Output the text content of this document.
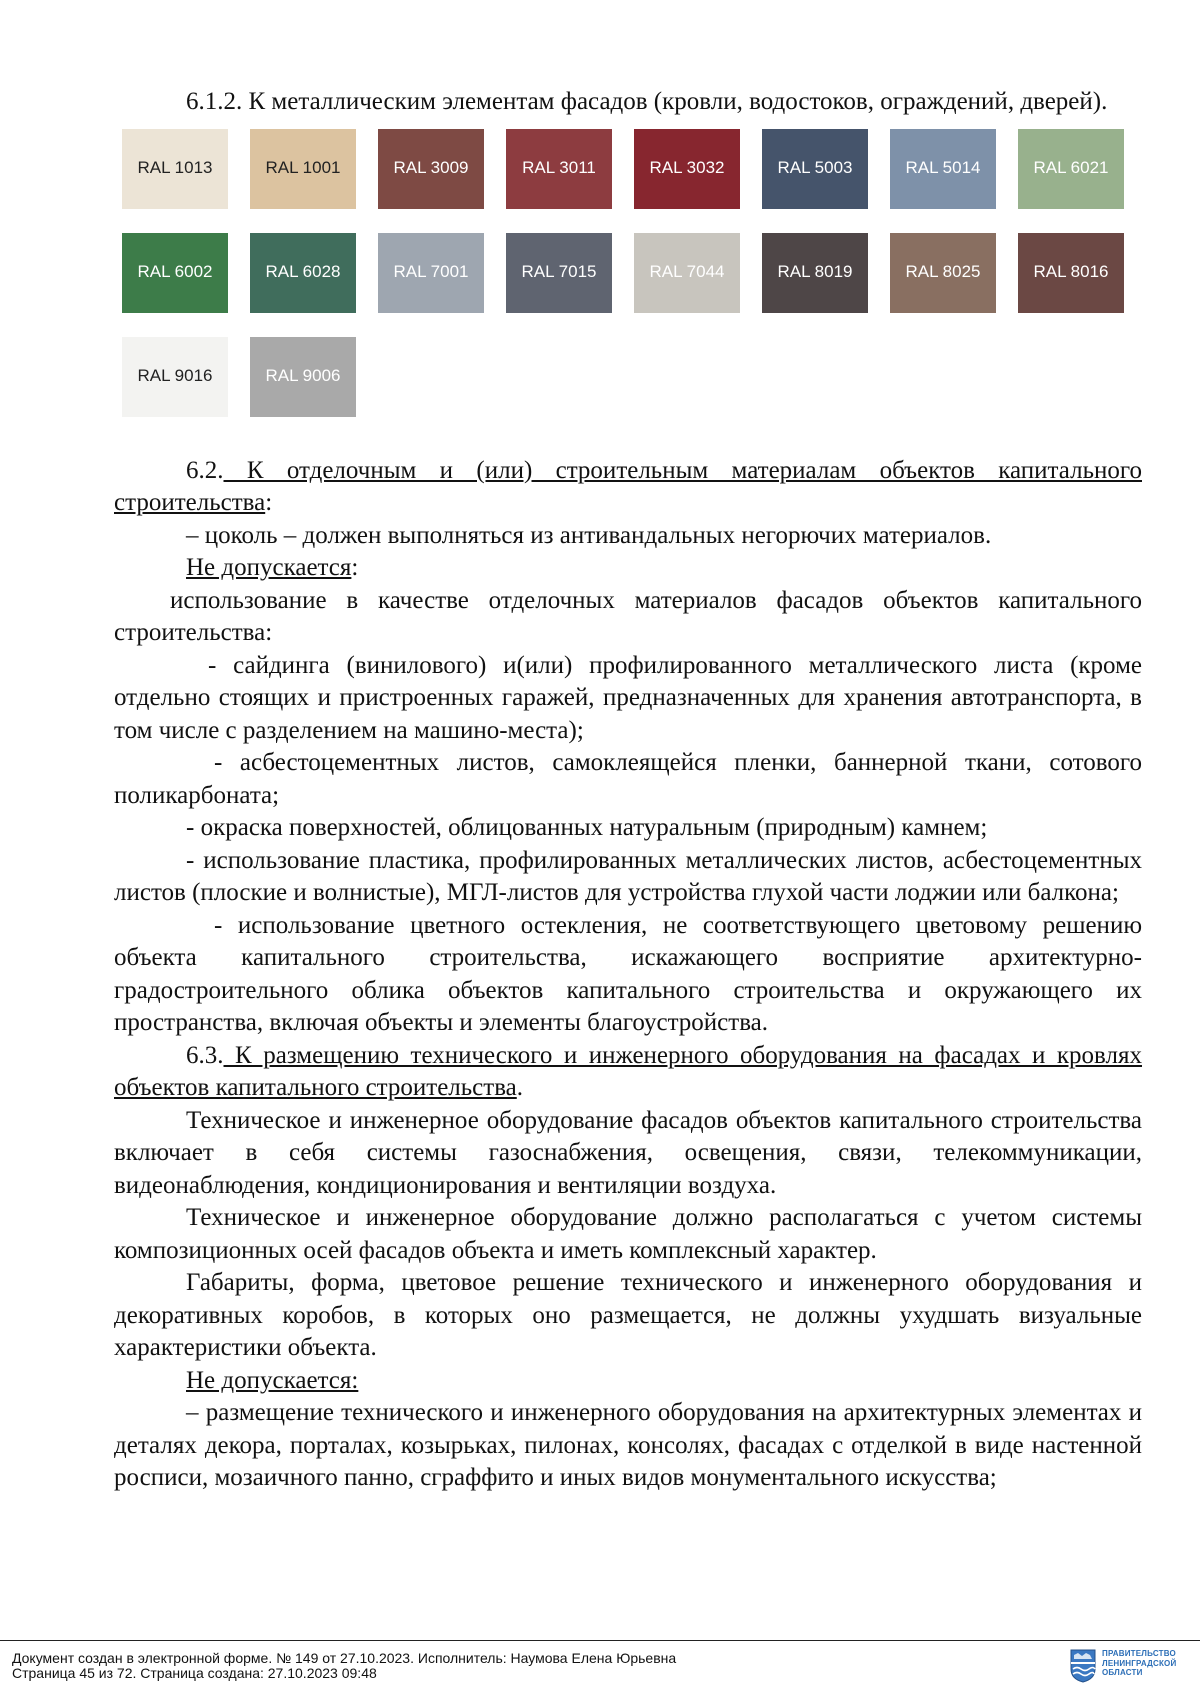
6.1.2. К металлическим элементам фасадов (кровли, водостоков, ограждений, дверей).

RAL 1013	RAL 1001	RAL 3009	RAL 3011	RAL 3032	RAL 5003	RAL 5014	RAL 6021
RAL 6002	RAL 6028	RAL 7001	RAL 7015	RAL 7044	RAL 8019	RAL 8025	RAL 8016
RAL 9016	RAL 9006

6.2. К отделочным и (или) строительным материалам объектов капитального строительства:

– цоколь – должен выполняться из антивандальных негорючих материалов.

Не допускается:

использование в качестве отделочных материалов фасадов объектов капитального строительства:

- сайдинга (винилового) и(или) профилированного металлического листа (кроме отдельно стоящих и пристроенных гаражей, предназначенных для хранения автотранспорта, в том числе с разделением на машино-места);

- асбестоцементных листов, самоклеящейся пленки, баннерной ткани, сотового поликарбоната;

- окраска поверхностей, облицованных натуральным (природным) камнем;

- использование пластика, профилированных металлических листов, асбестоцементных листов (плоские и волнистые), МГЛ-листов для устройства глухой части лоджии или балкона;

- использование цветного остекления, не соответствующего цветовому решению объекта капитального строительства, искажающего восприятие архитектурно-градостроительного облика объектов капитального строительства и окружающего их пространства, включая объекты и элементы благоустройства.

6.3. К размещению технического и инженерного оборудования на фасадах и кровлях объектов капитального строительства.

Техническое и инженерное оборудование фасадов объектов капитального строительства включает в себя системы газоснабжения, освещения, связи, телекоммуникации, видеонаблюдения, кондиционирования и вентиляции воздуха.

Техническое и инженерное оборудование должно располагаться с учетом системы композиционных осей фасадов объекта и иметь комплексный характер.

Габариты, форма, цветовое решение технического и инженерного оборудования и декоративных коробов, в которых оно размещается, не должны ухудшать визуальные характеристики объекта.

Не допускается:

– размещение технического и инженерного оборудования на архитектурных элементах и деталях декора, порталах, козырьках, пилонах, консолях, фасадах с отделкой в виде настенной росписи, мозаичного панно, сграффито и иных видов монументального искусства;

Документ создан в электронной форме. № 149 от 27.10.2023. Исполнитель: Наумова Елена Юрьевна
Страница 45 из 72. Страница создана: 27.10.2023 09:48
ПРАВИТЕЛЬСТВО
ЛЕНИНГРАДСКОЙ
ОБЛАСТИ
